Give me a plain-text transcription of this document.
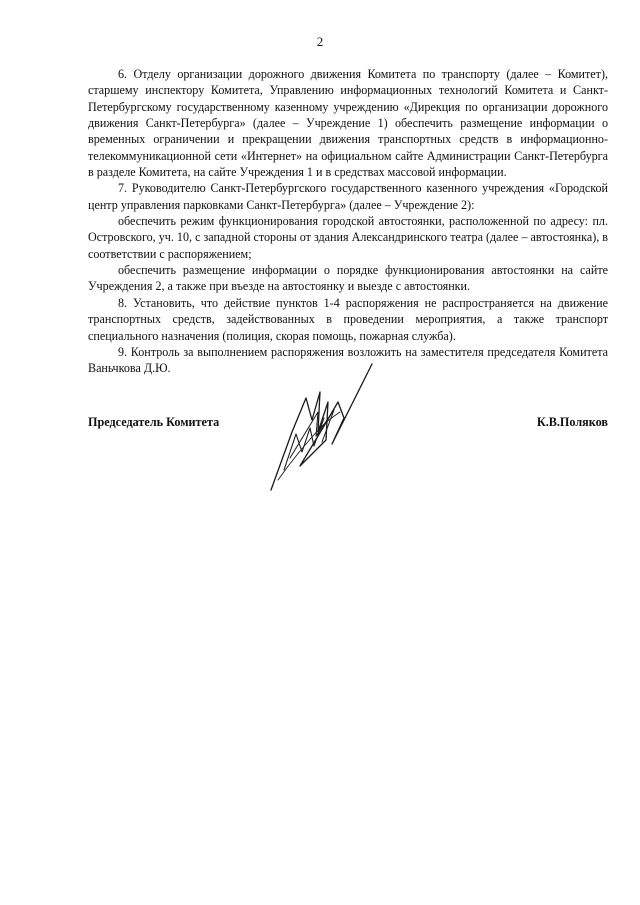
2

6. Отделу организации дорожного движения Комитета по транспорту (далее – Комитет), старшему инспектору Комитета, Управлению информационных технологий Комитета и Санкт-Петербургскому государственному казенному учреждению «Дирекция по организации дорожного движения Санкт-Петербурга» (далее – Учреждение 1) обеспечить размещение информации о временных ограничении и прекращении движения транспортных средств в информационно-телекоммуникационной сети «Интернет» на официальном сайте Администрации Санкт-Петербурга в разделе Комитета, на сайте Учреждения 1 и в средствах массовой информации.

7. Руководителю Санкт-Петербургского государственного казенного учреждения «Городской центр управления парковками Санкт-Петербурга» (далее – Учреждение 2):

обеспечить режим функционирования городской автостоянки, расположенной по адресу: пл. Островского, уч. 10, с западной стороны от здания Александринского театра (далее – автостоянка), в соответствии с распоряжением;

обеспечить размещение информации о порядке функционирования автостоянки на сайте Учреждения 2, а также при въезде на автостоянку и выезде с автостоянки.

8. Установить, что действие пунктов 1-4 распоряжения не распространяется на движение транспортных средств, задействованных в проведении мероприятия, а также транспорт специального назначения (полиция, скорая помощь, пожарная служба).

9. Контроль за выполнением распоряжения возложить на заместителя председателя Комитета Ваньчкова Д.Ю.

Председатель Комитета	К.В.Поляков
